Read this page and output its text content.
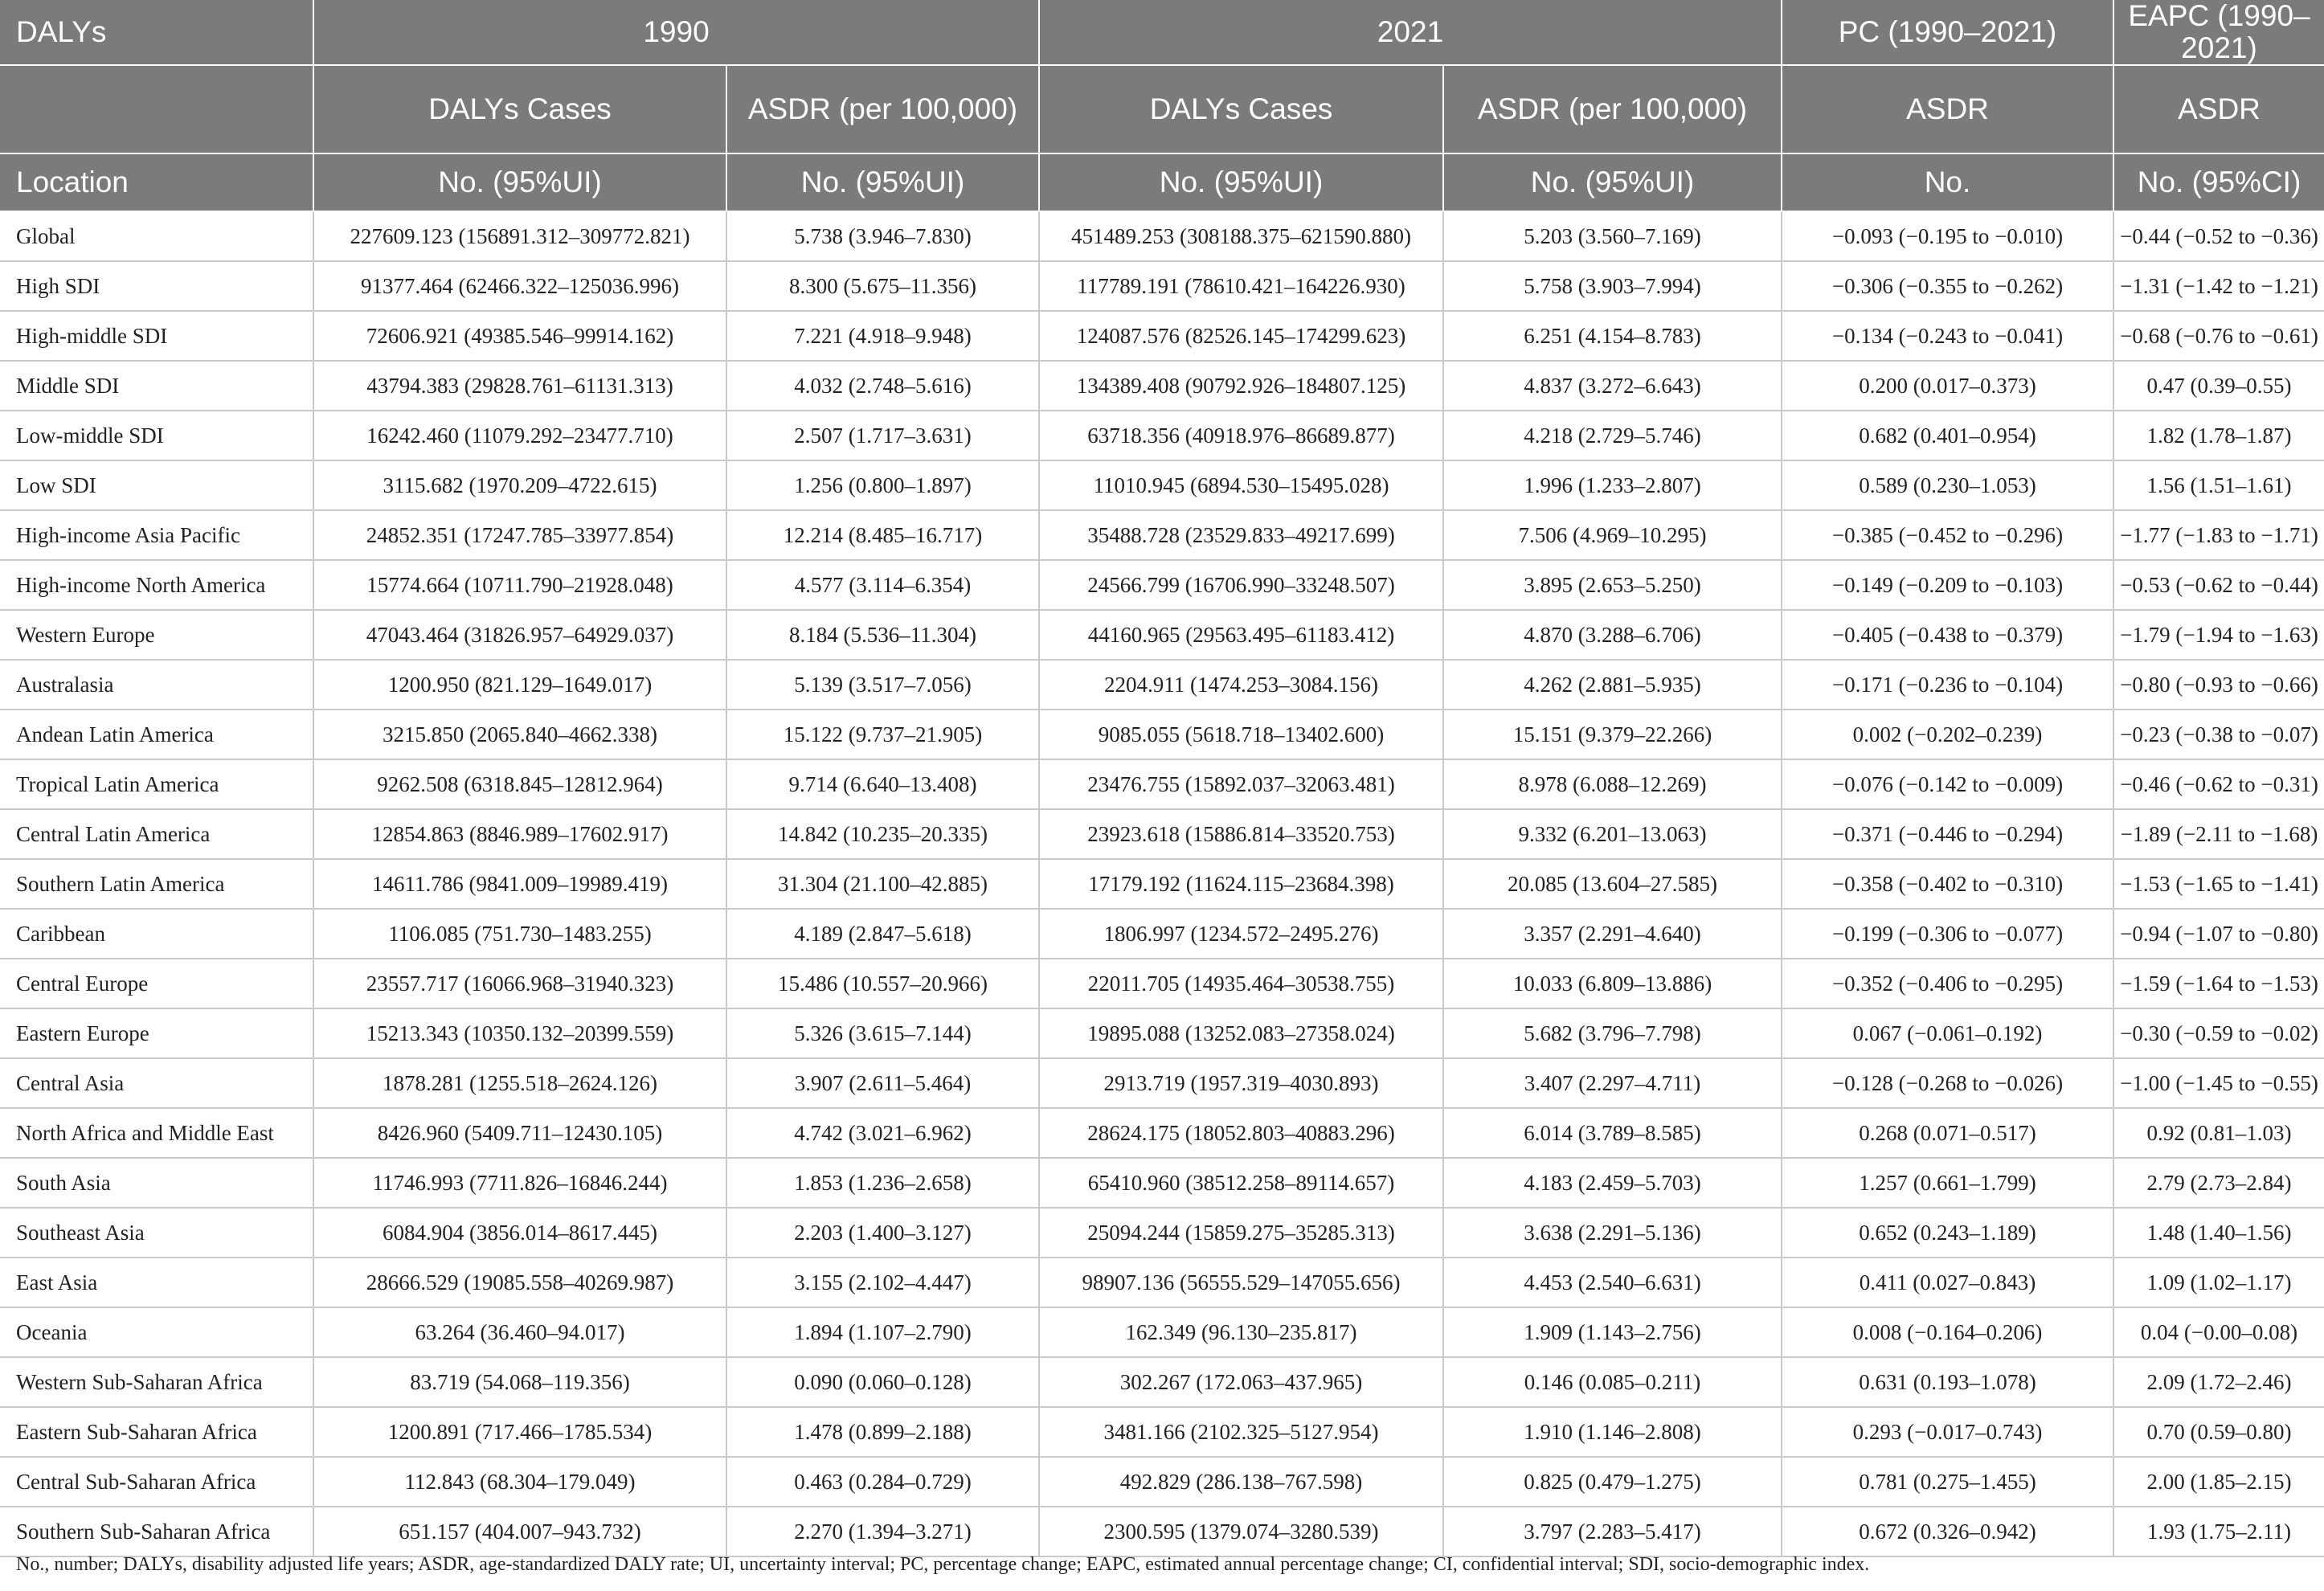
DALYs	1990		2021		PC (1990–2021)	EAPC (1990–2021)
	DALYs Cases	ASDR (per 100,000)	DALYs Cases	ASDR (per 100,000)	ASDR	ASDR
Location	No. (95%UI)	No. (95%UI)	No. (95%UI)	No. (95%UI)	No.	No. (95%CI)
Global	227609.123 (156891.312–309772.821)	5.738 (3.946–7.830)	451489.253 (308188.375–621590.880)	5.203 (3.560–7.169)	−0.093 (−0.195 to −0.010)	−0.44 (−0.52 to −0.36)
High SDI	91377.464 (62466.322–125036.996)	8.300 (5.675–11.356)	117789.191 (78610.421–164226.930)	5.758 (3.903–7.994)	−0.306 (−0.355 to −0.262)	−1.31 (−1.42 to −1.21)
High-middle SDI	72606.921 (49385.546–99914.162)	7.221 (4.918–9.948)	124087.576 (82526.145–174299.623)	6.251 (4.154–8.783)	−0.134 (−0.243 to −0.041)	−0.68 (−0.76 to −0.61)
Middle SDI	43794.383 (29828.761–61131.313)	4.032 (2.748–5.616)	134389.408 (90792.926–184807.125)	4.837 (3.272–6.643)	0.200 (0.017–0.373)	0.47 (0.39–0.55)
Low-middle SDI	16242.460 (11079.292–23477.710)	2.507 (1.717–3.631)	63718.356 (40918.976–86689.877)	4.218 (2.729–5.746)	0.682 (0.401–0.954)	1.82 (1.78–1.87)
Low SDI	3115.682 (1970.209–4722.615)	1.256 (0.800–1.897)	11010.945 (6894.530–15495.028)	1.996 (1.233–2.807)	0.589 (0.230–1.053)	1.56 (1.51–1.61)
High-income Asia Pacific	24852.351 (17247.785–33977.854)	12.214 (8.485–16.717)	35488.728 (23529.833–49217.699)	7.506 (4.969–10.295)	−0.385 (−0.452 to −0.296)	−1.77 (−1.83 to −1.71)
High-income North America	15774.664 (10711.790–21928.048)	4.577 (3.114–6.354)	24566.799 (16706.990–33248.507)	3.895 (2.653–5.250)	−0.149 (−0.209 to −0.103)	−0.53 (−0.62 to −0.44)
Western Europe	47043.464 (31826.957–64929.037)	8.184 (5.536–11.304)	44160.965 (29563.495–61183.412)	4.870 (3.288–6.706)	−0.405 (−0.438 to −0.379)	−1.79 (−1.94 to −1.63)
Australasia	1200.950 (821.129–1649.017)	5.139 (3.517–7.056)	2204.911 (1474.253–3084.156)	4.262 (2.881–5.935)	−0.171 (−0.236 to −0.104)	−0.80 (−0.93 to −0.66)
Andean Latin America	3215.850 (2065.840–4662.338)	15.122 (9.737–21.905)	9085.055 (5618.718–13402.600)	15.151 (9.379–22.266)	0.002 (−0.202–0.239)	−0.23 (−0.38 to −0.07)
Tropical Latin America	9262.508 (6318.845–12812.964)	9.714 (6.640–13.408)	23476.755 (15892.037–32063.481)	8.978 (6.088–12.269)	−0.076 (−0.142 to −0.009)	−0.46 (−0.62 to −0.31)
Central Latin America	12854.863 (8846.989–17602.917)	14.842 (10.235–20.335)	23923.618 (15886.814–33520.753)	9.332 (6.201–13.063)	−0.371 (−0.446 to −0.294)	−1.89 (−2.11 to −1.68)
Southern Latin America	14611.786 (9841.009–19989.419)	31.304 (21.100–42.885)	17179.192 (11624.115–23684.398)	20.085 (13.604–27.585)	−0.358 (−0.402 to −0.310)	−1.53 (−1.65 to −1.41)
Caribbean	1106.085 (751.730–1483.255)	4.189 (2.847–5.618)	1806.997 (1234.572–2495.276)	3.357 (2.291–4.640)	−0.199 (−0.306 to −0.077)	−0.94 (−1.07 to −0.80)
Central Europe	23557.717 (16066.968–31940.323)	15.486 (10.557–20.966)	22011.705 (14935.464–30538.755)	10.033 (6.809–13.886)	−0.352 (−0.406 to −0.295)	−1.59 (−1.64 to −1.53)
Eastern Europe	15213.343 (10350.132–20399.559)	5.326 (3.615–7.144)	19895.088 (13252.083–27358.024)	5.682 (3.796–7.798)	0.067 (−0.061–0.192)	−0.30 (−0.59 to −0.02)
Central Asia	1878.281 (1255.518–2624.126)	3.907 (2.611–5.464)	2913.719 (1957.319–4030.893)	3.407 (2.297–4.711)	−0.128 (−0.268 to −0.026)	−1.00 (−1.45 to −0.55)
North Africa and Middle East	8426.960 (5409.711–12430.105)	4.742 (3.021–6.962)	28624.175 (18052.803–40883.296)	6.014 (3.789–8.585)	0.268 (0.071–0.517)	0.92 (0.81–1.03)
South Asia	11746.993 (7711.826–16846.244)	1.853 (1.236–2.658)	65410.960 (38512.258–89114.657)	4.183 (2.459–5.703)	1.257 (0.661–1.799)	2.79 (2.73–2.84)
Southeast Asia	6084.904 (3856.014–8617.445)	2.203 (1.400–3.127)	25094.244 (15859.275–35285.313)	3.638 (2.291–5.136)	0.652 (0.243–1.189)	1.48 (1.40–1.56)
East Asia	28666.529 (19085.558–40269.987)	3.155 (2.102–4.447)	98907.136 (56555.529–147055.656)	4.453 (2.540–6.631)	0.411 (0.027–0.843)	1.09 (1.02–1.17)
Oceania	63.264 (36.460–94.017)	1.894 (1.107–2.790)	162.349 (96.130–235.817)	1.909 (1.143–2.756)	0.008 (−0.164–0.206)	0.04 (−0.00–0.08)
Western Sub-Saharan Africa	83.719 (54.068–119.356)	0.090 (0.060–0.128)	302.267 (172.063–437.965)	0.146 (0.085–0.211)	0.631 (0.193–1.078)	2.09 (1.72–2.46)
Eastern Sub-Saharan Africa	1200.891 (717.466–1785.534)	1.478 (0.899–2.188)	3481.166 (2102.325–5127.954)	1.910 (1.146–2.808)	0.293 (−0.017–0.743)	0.70 (0.59–0.80)
Central Sub-Saharan Africa	112.843 (68.304–179.049)	0.463 (0.284–0.729)	492.829 (286.138–767.598)	0.825 (0.479–1.275)	0.781 (0.275–1.455)	2.00 (1.85–2.15)
Southern Sub-Saharan Africa	651.157 (404.007–943.732)	2.270 (1.394–3.271)	2300.595 (1379.074–3280.539)	3.797 (2.283–5.417)	0.672 (0.326–0.942)	1.93 (1.75–2.11)
No., number; DALYs, disability adjusted life years; ASDR, age-standardized DALY rate; UI, uncertainty interval; PC, percentage change; EAPC, estimated annual percentage change; CI, confidential interval; SDI, socio-demographic index.
